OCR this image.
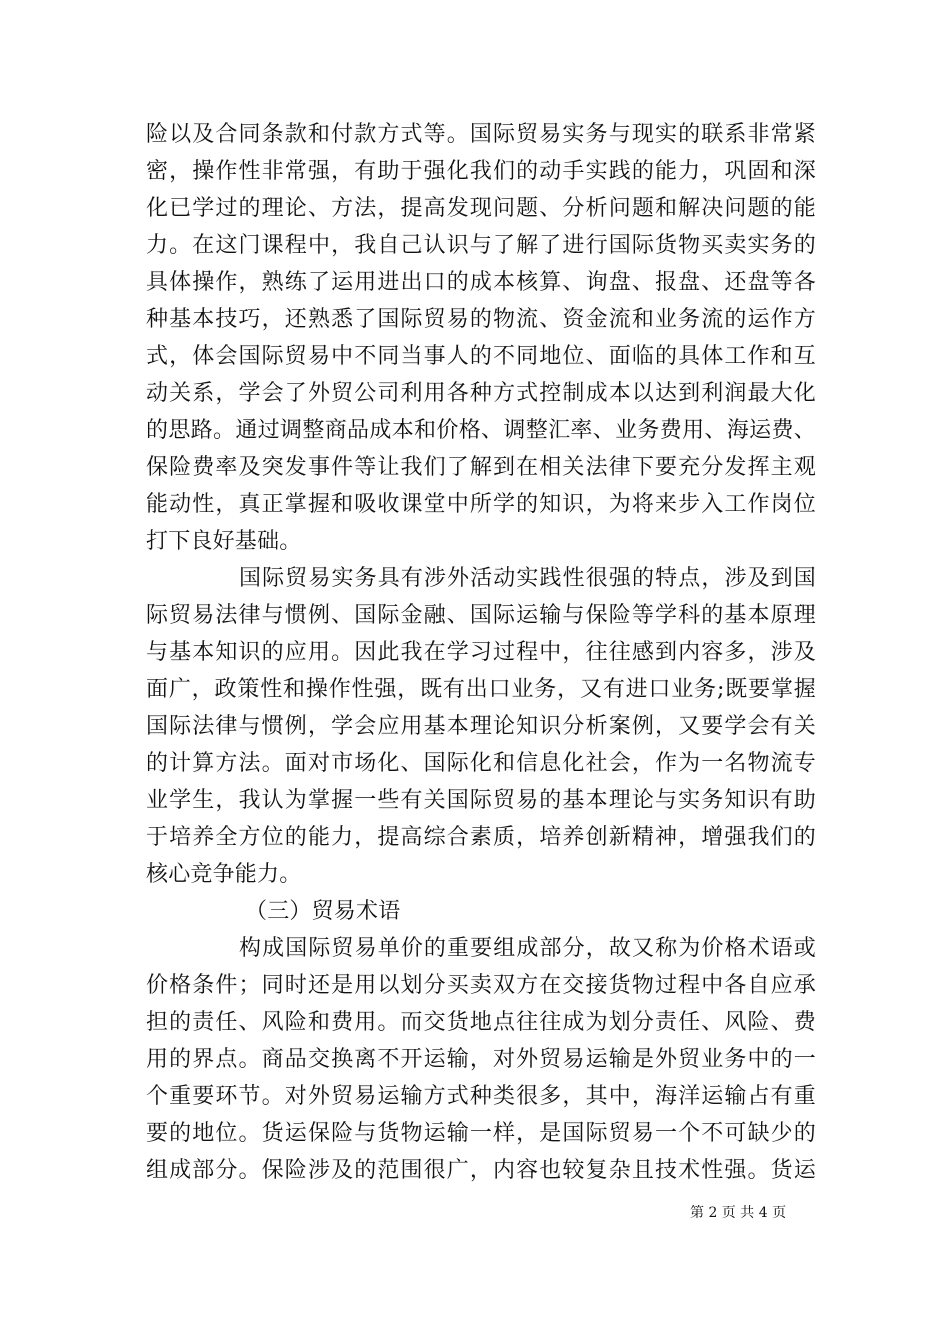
险以及合同条款和付款方式等。国际贸易实务与现实的联系非常紧
密，操作性非常强，有助于强化我们的动手实践的能力，巩固和深
化已学过的理论、方法，提高发现问题、分析问题和解决问题的能
力。在这门课程中，我自己认识与了解了进行国际货物买卖实务的
具体操作，熟练了运用进出口的成本核算、询盘、报盘、还盘等各
种基本技巧，还熟悉了国际贸易的物流、资金流和业务流的运作方
式，体会国际贸易中不同当事人的不同地位、面临的具体工作和互
动关系，学会了外贸公司利用各种方式控制成本以达到利润最大化
的思路。通过调整商品成本和价格、调整汇率、业务费用、海运费、
保险费率及突发事件等让我们了解到在相关法律下要充分发挥主观
能动性，真正掌握和吸收课堂中所学的知识，为将来步入工作岗位
打下良好基础。
国际贸易实务具有涉外活动实践性很强的特点，涉及到国
际贸易法律与惯例、国际金融、国际运输与保险等学科的基本原理
与基本知识的应用。因此我在学习过程中，往往感到内容多，涉及
面广，政策性和操作性强，既有出口业务，又有进口业务;既要掌握
国际法律与惯例，学会应用基本理论知识分析案例，又要学会有关
的计算方法。面对市场化、国际化和信息化社会，作为一名物流专
业学生，我认为掌握一些有关国际贸易的基本理论与实务知识有助
于培养全方位的能力，提高综合素质，培养创新精神，增强我们的
核心竞争能力。
（三）贸易术语
构成国际贸易单价的重要组成部分，故又称为价格术语或
价格条件；同时还是用以划分买卖双方在交接货物过程中各自应承
担的责任、风险和费用。而交货地点往往成为划分责任、风险、费
用的界点。商品交换离不开运输，对外贸易运输是外贸业务中的一
个重要环节。对外贸易运输方式种类很多，其中，海洋运输占有重
要的地位。货运保险与货物运输一样，是国际贸易一个不可缺少的
组成部分。保险涉及的范围很广，内容也较复杂且技术性强。货运
第 2 页 共 4 页
